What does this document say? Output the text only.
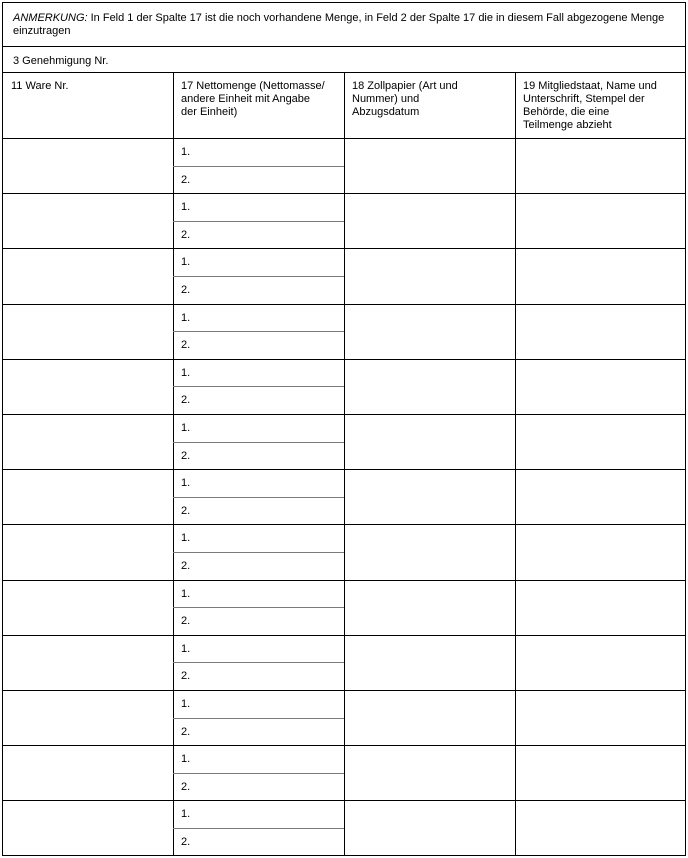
ANMERKUNG: In Feld 1 der Spalte 17 ist die noch vorhandene Menge, in Feld 2 der Spalte 17 die in diesem Fall abgezogene Menge einzutragen
3 Genehmigung Nr.
11 Ware Nr.	17 Nettomenge (Nettomasse/
andere Einheit mit Angabe
der Einheit)
18 Zollpapier (Art und
Nummer) und
Abzugsdatum
19 Mitgliedstaat, Name und
Unterschrift, Stempel der
Behörde, die eine
Teilmenge abzieht
1.
2.
1.
2.
1.
2.
1.
2.
1.
2.
1.
2.
1.
2.
1.
2.
1.
2.
1.
2.
1.
2.
1.
2.
1.
2.
